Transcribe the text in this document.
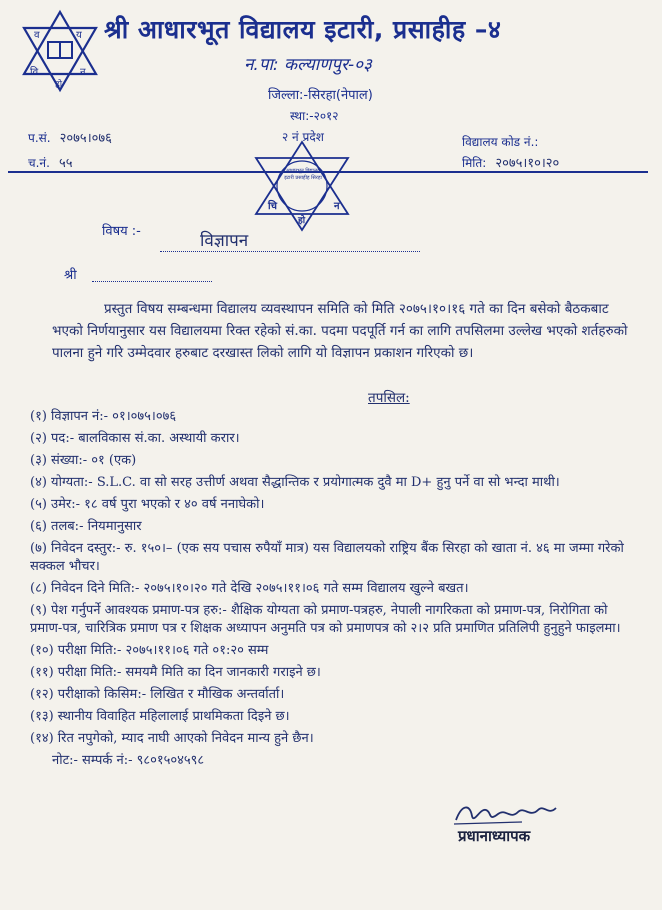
व	य
वि	न
हो
श्री आधारभूत विद्यालय इटारी, प्रसाहीह –४
न.पा: कल्याणपुर-०३
जिल्ला:-सिरहा(नेपाल)
स्था:-२०१२
२ नं प्रदेश
प.सं. २०७५।०७६
च.नं. ५५
विद्यालय कोड नं.:
मिति: २०७५।१०।२०
आधारभूत विद्यालय इटारी प्रसाहीह सिरहा
चि	न
हो
विषय :-	विज्ञापन
श्री
प्रस्तुत विषय सम्बन्धमा विद्यालय व्यवस्थापन समिति को मिति २०७५।१०।१६ गते का दिन बसेको बैठकबाट भएको निर्णयानुसार यस विद्यालयमा रिक्त रहेको सं.का. पदमा पदपूर्ति गर्न का लागि तपसिलमा उल्लेख भएको शर्तहरुको पालना हुने गरि उम्मेदवार हरुबाट दरखास्त लिको लागि यो विज्ञापन प्रकाशन गरिएको छ।
तपसिल:
(१) विज्ञापन नं:- ०१।०७५।०७६
(२) पद:- बालविकास सं.का. अस्थायी करार।
(३) संख्या:- ०१ (एक)
(४) योग्यता:- S.L.C. वा सो सरह उत्तीर्ण अथवा सैद्धान्तिक र प्रयोगात्मक दुवै मा D+ हुनु पर्ने वा सो भन्दा माथी।
(५) उमेर:- १८ वर्ष पुरा भएको र ४० वर्ष ननाघेको।
(६) तलब:- नियमानुसार
(७) निवेदन दस्तुर:- रु. १५०।– (एक सय पचास रुपैयाँ मात्र) यस विद्यालयको राष्ट्रिय बैंक सिरहा को खाता नं. ४६ मा जम्मा गरेको सक्कल भौचर।
(८) निवेदन दिने मिति:- २०७५।१०।२० गते देखि २०७५।११।०६ गते सम्म विद्यालय खुल्ने बखत।
(९) पेश गर्नुपर्ने आवश्यक प्रमाण-पत्र हरु:- शैक्षिक योग्यता को प्रमाण-पत्रहरु, नेपाली नागरिकता को प्रमाण-पत्र, निरोगिता को प्रमाण-पत्र, चारित्रिक प्रमाण पत्र र शिक्षक अध्यापन अनुमति पत्र को प्रमाणपत्र को २।२ प्रति प्रमाणित प्रतिलिपी हुनुहुने फाइलमा।
(१०) परीक्षा मिति:- २०७५।११।०६ गते ०१:२० सम्म
(११) परीक्षा मिति:- समयमै मिति का दिन जानकारी गराइने छ।
(१२) परीक्षाको किसिम:- लिखित र मौखिक अन्तर्वार्ता।
(१३) स्थानीय विवाहित महिलालाई प्राथमिकता दिइने छ।
(१४) रित नपुगेको, म्याद नाघी आएको निवेदन मान्य हुने छैन।
नोट:- सम्पर्क नं:- ९८०१५०४५९८
प्रधानाध्यापक
